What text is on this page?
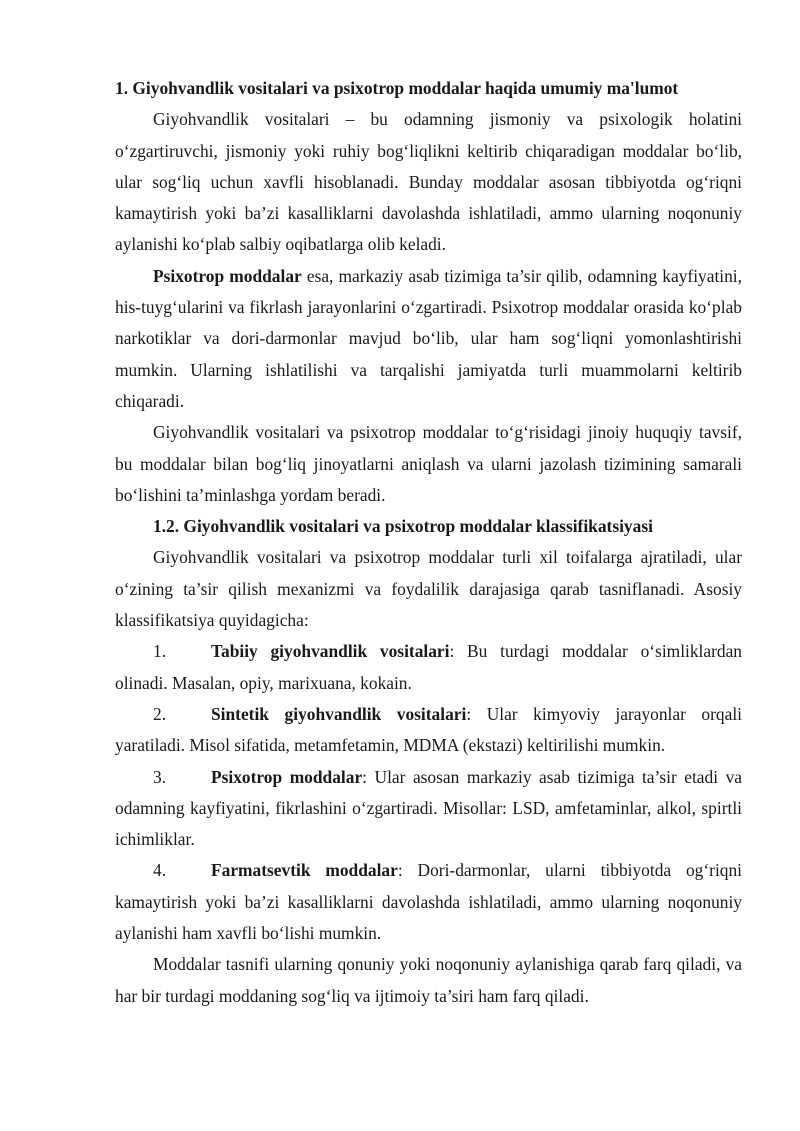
1. Giyohvandlik vositalari va psixotrop moddalar haqida umumiy ma'lumot

Giyohvandlik vositalari – bu odamning jismoniy va psixologik holatini o‘zgartiruvchi, jismoniy yoki ruhiy bog‘liqlikni keltirib chiqaradigan moddalar bo‘lib, ular sog‘liq uchun xavfli hisoblanadi. Bunday moddalar asosan tibbiyotda og‘riqni kamaytirish yoki ba’zi kasalliklarni davolashda ishlatiladi, ammo ularning noqonuniy aylanishi ko‘plab salbiy oqibatlarga olib keladi.

Psixotrop moddalar esa, markaziy asab tizimiga ta’sir qilib, odamning kayfiyatini, his-tuyg‘ularini va fikrlash jarayonlarini o‘zgartiradi. Psixotrop moddalar orasida ko‘plab narkotiklar va dori-darmonlar mavjud bo‘lib, ular ham sog‘liqni yomonlashtirishi mumkin. Ularning ishlatilishi va tarqalishi jamiyatda turli muammolarni keltirib chiqaradi.

Giyohvandlik vositalari va psixotrop moddalar to‘g‘risidagi jinoiy huquqiy tavsif, bu moddalar bilan bog‘liq jinoyatlarni aniqlash va ularni jazolash tizimining samarali bo‘lishini ta’minlashga yordam beradi.

1.2. Giyohvandlik vositalari va psixotrop moddalar klassifikatsiyasi

Giyohvandlik vositalari va psixotrop moddalar turli xil toifalarga ajratiladi, ular o‘zining ta’sir qilish mexanizmi va foydalilik darajasiga qarab tasniflanadi. Asosiy klassifikatsiya quyidagicha:

1.	Tabiiy giyohvandlik vositalari: Bu turdagi moddalar o‘simliklardan olinadi. Masalan, opiy, marixuana, kokain.

2.	Sintetik giyohvandlik vositalari: Ular kimyoviy jarayonlar orqali yaratiladi. Misol sifatida, metamfetamin, MDMA (ekstazi) keltirilishi mumkin.

3.	Psixotrop moddalar: Ular asosan markaziy asab tizimiga ta’sir etadi va odamning kayfiyatini, fikrlashini o‘zgartiradi. Misollar: LSD, amfetaminlar, alkol, spirtli ichimliklar.

4.	Farmatsevtik moddalar: Dori-darmonlar, ularni tibbiyotda og‘riqni kamaytirish yoki ba’zi kasalliklarni davolashda ishlatiladi, ammo ularning noqonuniy aylanishi ham xavfli bo‘lishi mumkin.

Moddalar tasnifi ularning qonuniy yoki noqonuniy aylanishiga qarab farq qiladi, va har bir turdagi moddaning sog‘liq va ijtimoiy ta’siri ham farq qiladi.
